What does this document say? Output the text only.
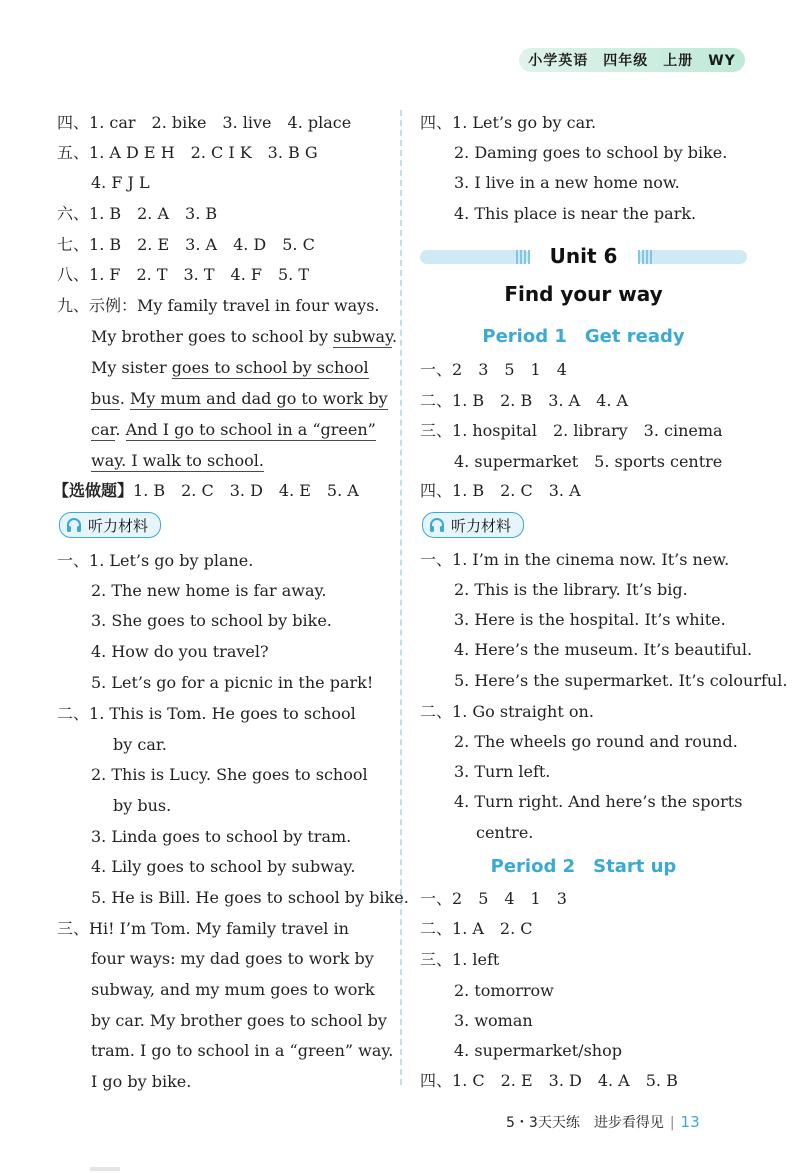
小学英语　四年级　上册　WY
四、1. car　 2. bike　 3. live　 4. place
五、1. A D E H　2. C I K　3. B G
4. F J L
六、1. B　2. A　3. B
七、1. B　2. E　3. A　4. D　5. C
八、1. F　2. T　3. T　4. F　5. T
九、示例：My family travel in four ways.
My brother goes to school by subway.
My sister goes to school by school
bus. My mum and dad go to work by
car. And I go to school in a “green”
way. I walk to school.
【选做题】1. B　2. C　3. D　4. E　5. A
听力材料
一、1. Let’s go by plane.
2. The new home is far away.
3. She goes to school by bike.
4. How do you travel?
5. Let’s go for a picnic in the park!
二、1. This is Tom. He goes to school
by car.
2. This is Lucy. She goes to school
by bus.
3. Linda goes to school by tram.
4. Lily goes to school by subway.
5. He is Bill. He goes to school by bike.
三、Hi! I’m Tom. My family travel in
four ways: my dad goes to work by
subway, and my mum goes to work
by car. My brother goes to school by
tram. I go to school in a “green” way.
I go by bike.
四、1. Let’s go by car.
2. Daming goes to school by bike.
3. I live in a new home now.
4. This place is near the park.
Unit 6
Find your way
Period 1 Get ready
一、2　3　5　1　4
二、1. B　2. B　3. A　4. A
三、1. hospital　2. library　3. cinema
4. supermarket　5. sports centre
四、1. B　2. C　3. A
听力材料
一、1. I’m in the cinema now. It’s new.
2. This is the library. It’s big.
3. Here is the hospital. It’s white.
4. Here’s the museum. It’s beautiful.
5. Here’s the supermarket. It’s colourful.
二、1. Go straight on.
2. The wheels go round and round.
3. Turn left.
4. Turn right. And here’s the sports
centre.
Period 2 Start up
一、2　5　4　1　3
二、1. A　2. C
三、1. left
2. tomorrow
3. woman
4. supermarket/shop
四、1. C　2. E　3. D　4. A　5. B
5・3天天练　进步看得见 | 13
